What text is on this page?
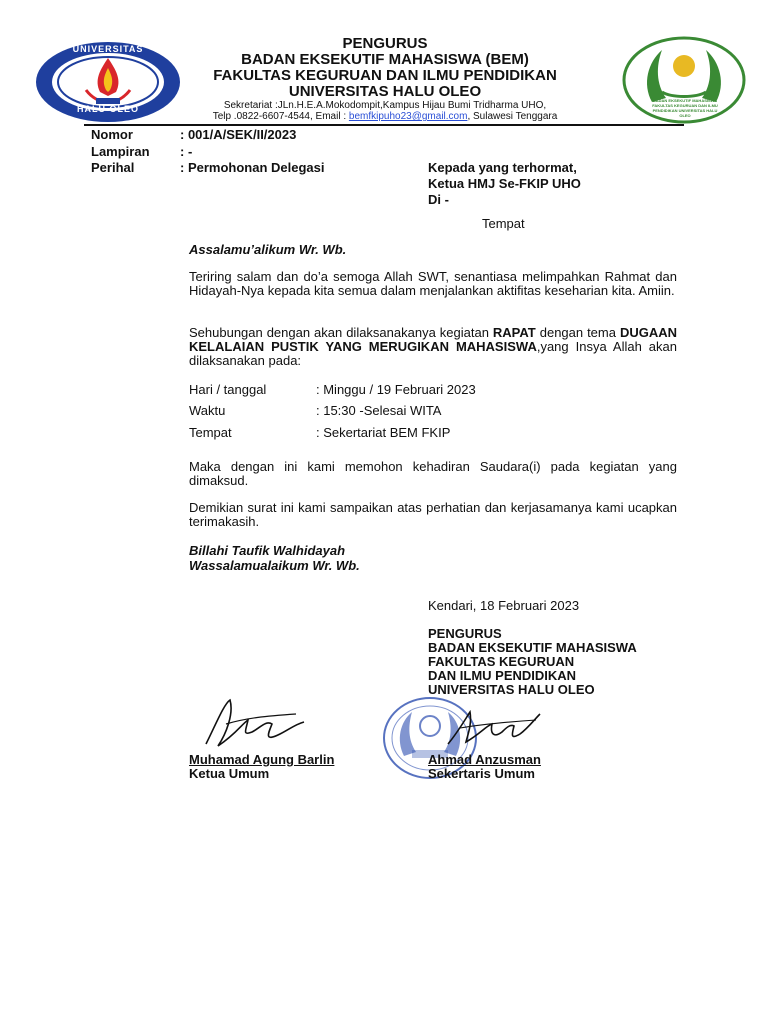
UNIVERSITAS
HALU OLEO
BADAN EKSEKUTIF MAHASISWA FAKULTAS KEGURUAN DAN ILMU PENDIDIKAN UNIVERSITAS HALU OLEO
PENGURUS
BADAN EKSEKUTIF MAHASISWA (BEM)
FAKULTAS KEGURUAN DAN ILMU PENDIDIKAN
UNIVERSITAS HALU OLEO
Sekretariat :JLn.H.E.A.Mokodompit,Kampus Hijau Bumi Tridharma UHO,
Telp .0822-6607-4544, Email : bemfkipuho23@gmail.com, Sulawesi Tenggara
Nomor	: 001/A/SEK/II/2023
Lampiran : -
Perihal	: Permohonan Delegasi	Kepada yang terhormat,
Ketua HMJ Se-FKIP UHO
Di -
Tempat
Assalamu’alikum Wr. Wb.
Teriring salam dan do’a semoga Allah SWT, senantiasa melimpahkan Rahmat dan Hidayah-Nya kepada kita semua dalam menjalankan aktifitas keseharian kita. Amiin.
Sehubungan dengan akan dilaksanakanya kegiatan RAPAT dengan tema DUGAAN KELALAIAN PUSTIK YANG MERUGIKAN MAHASISWA,yang Insya Allah akan dilaksanakan pada:
Hari / tanggal	: Minggu / 19 Februari 2023
Waktu	: 15:30 -Selesai WITA
Tempat	: Sekertariat BEM FKIP
Maka dengan ini kami memohon kehadiran Saudara(i) pada kegiatan yang dimaksud.
Demikian surat ini kami sampaikan atas perhatian dan kerjasamanya kami ucapkan terimakasih.
Billahi Taufik Walhidayah
Wassalamualaikum Wr. Wb.
Kendari, 18 Februari 2023
PENGURUS
BADAN EKSEKUTIF MAHASISWA
FAKULTAS KEGURUAN
DAN ILMU PENDIDIKAN
UNIVERSITAS HALU OLEO
Muhamad Agung Barlin
Ketua Umum
Ahmad Anzusman
Sekertaris Umum
